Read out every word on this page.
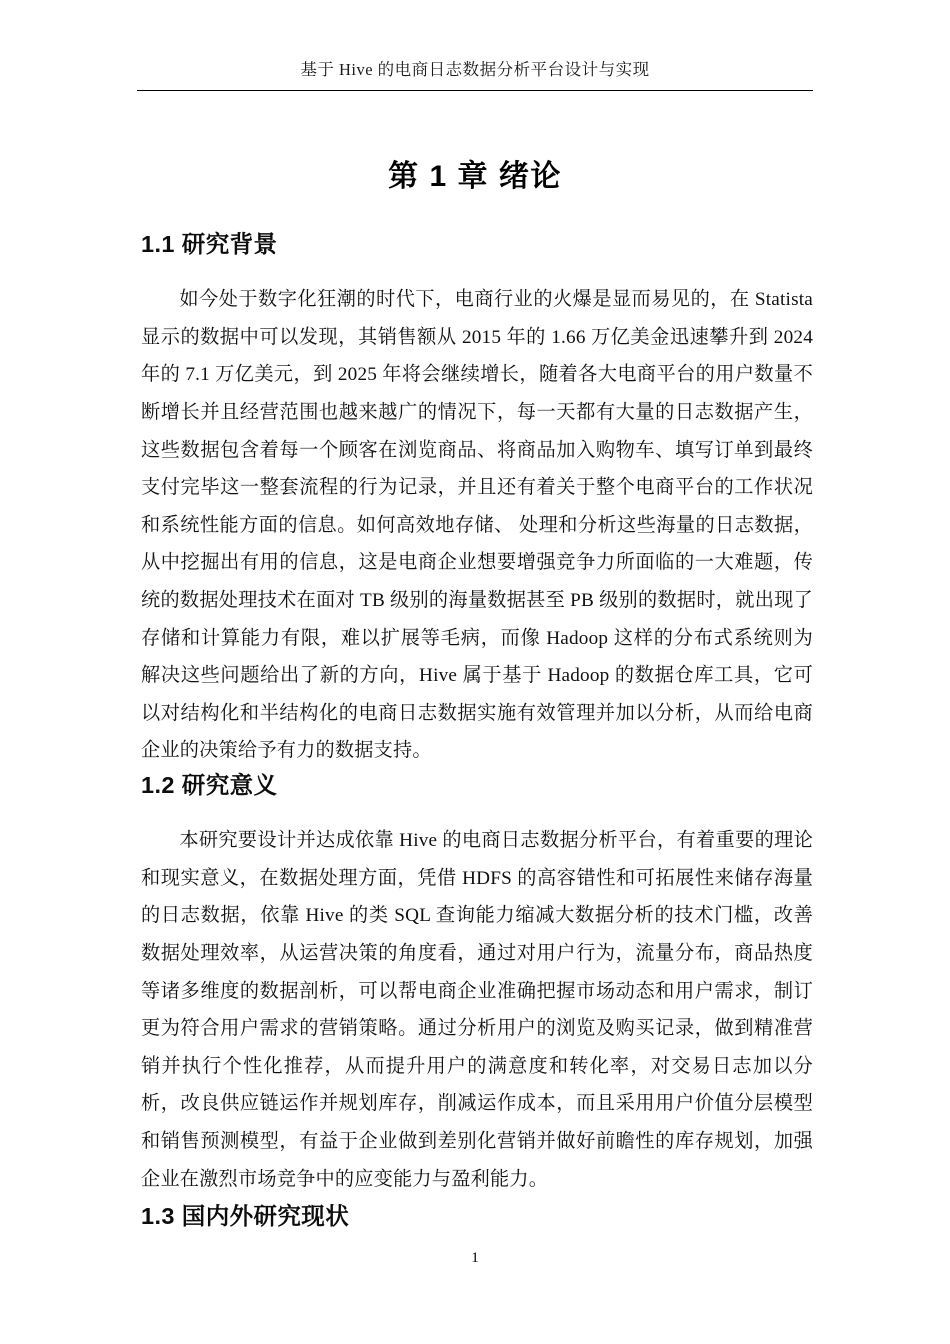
基于 Hive 的电商日志数据分析平台设计与实现
第 1 章 绪论
1.1 研究背景

如今处于数字化狂潮的时代下，电商行业的火爆是显而易见的，在 Statista 显示的数据中可以发现，其销售额从 2015 年的 1.66 万亿美金迅速攀升到 2024 年的 7.1 万亿美元，到 2025 年将会继续增长，随着各大电商平台的用户数量不断增长并且经营范围也越来越广的情况下，每一天都有大量的日志数据产生，这些数据包含着每一个顾客在浏览商品、将商品加入购物车、填写订单到最终支付完毕这一整套流程的行为记录，并且还有着关于整个电商平台的工作状况和系统性能方面的信息。如何高效地存储、 处理和分析这些海量的日志数据，从中挖掘出有用的信息，这是电商企业想要增强竞争力所面临的一大难题，传统的数据处理技术在面对 TB 级别的海量数据甚至 PB 级别的数据时，就出现了存储和计算能力有限，难以扩展等毛病，而像 Hadoop 这样的分布式系统则为解决这些问题给出了新的方向，Hive 属于基于 Hadoop 的数据仓库工具，它可以对结构化和半结构化的电商日志数据实施有效管理并加以分析，从而给电商企业的决策给予有力的数据支持。

1.2 研究意义

本研究要设计并达成依靠 Hive 的电商日志数据分析平台，有着重要的理论和现实意义，在数据处理方面，凭借 HDFS 的高容错性和可拓展性来储存海量的日志数据，依靠 Hive 的类 SQL 查询能力缩减大数据分析的技术门槛，改善数据处理效率，从运营决策的角度看，通过对用户行为，流量分布，商品热度等诸多维度的数据剖析，可以帮电商企业准确把握市场动态和用户需求，制订更为符合用户需求的营销策略。通过分析用户的浏览及购买记录，做到精准营销并执行个性化推荐，从而提升用户的满意度和转化率，对交易日志加以分析，改良供应链运作并规划库存，削减运作成本，而且采用用户价值分层模型和销售预测模型，有益于企业做到差别化营销并做好前瞻性的库存规划，加强企业在激烈市场竞争中的应变能力与盈利能力。

1.3 国内外研究现状
1
